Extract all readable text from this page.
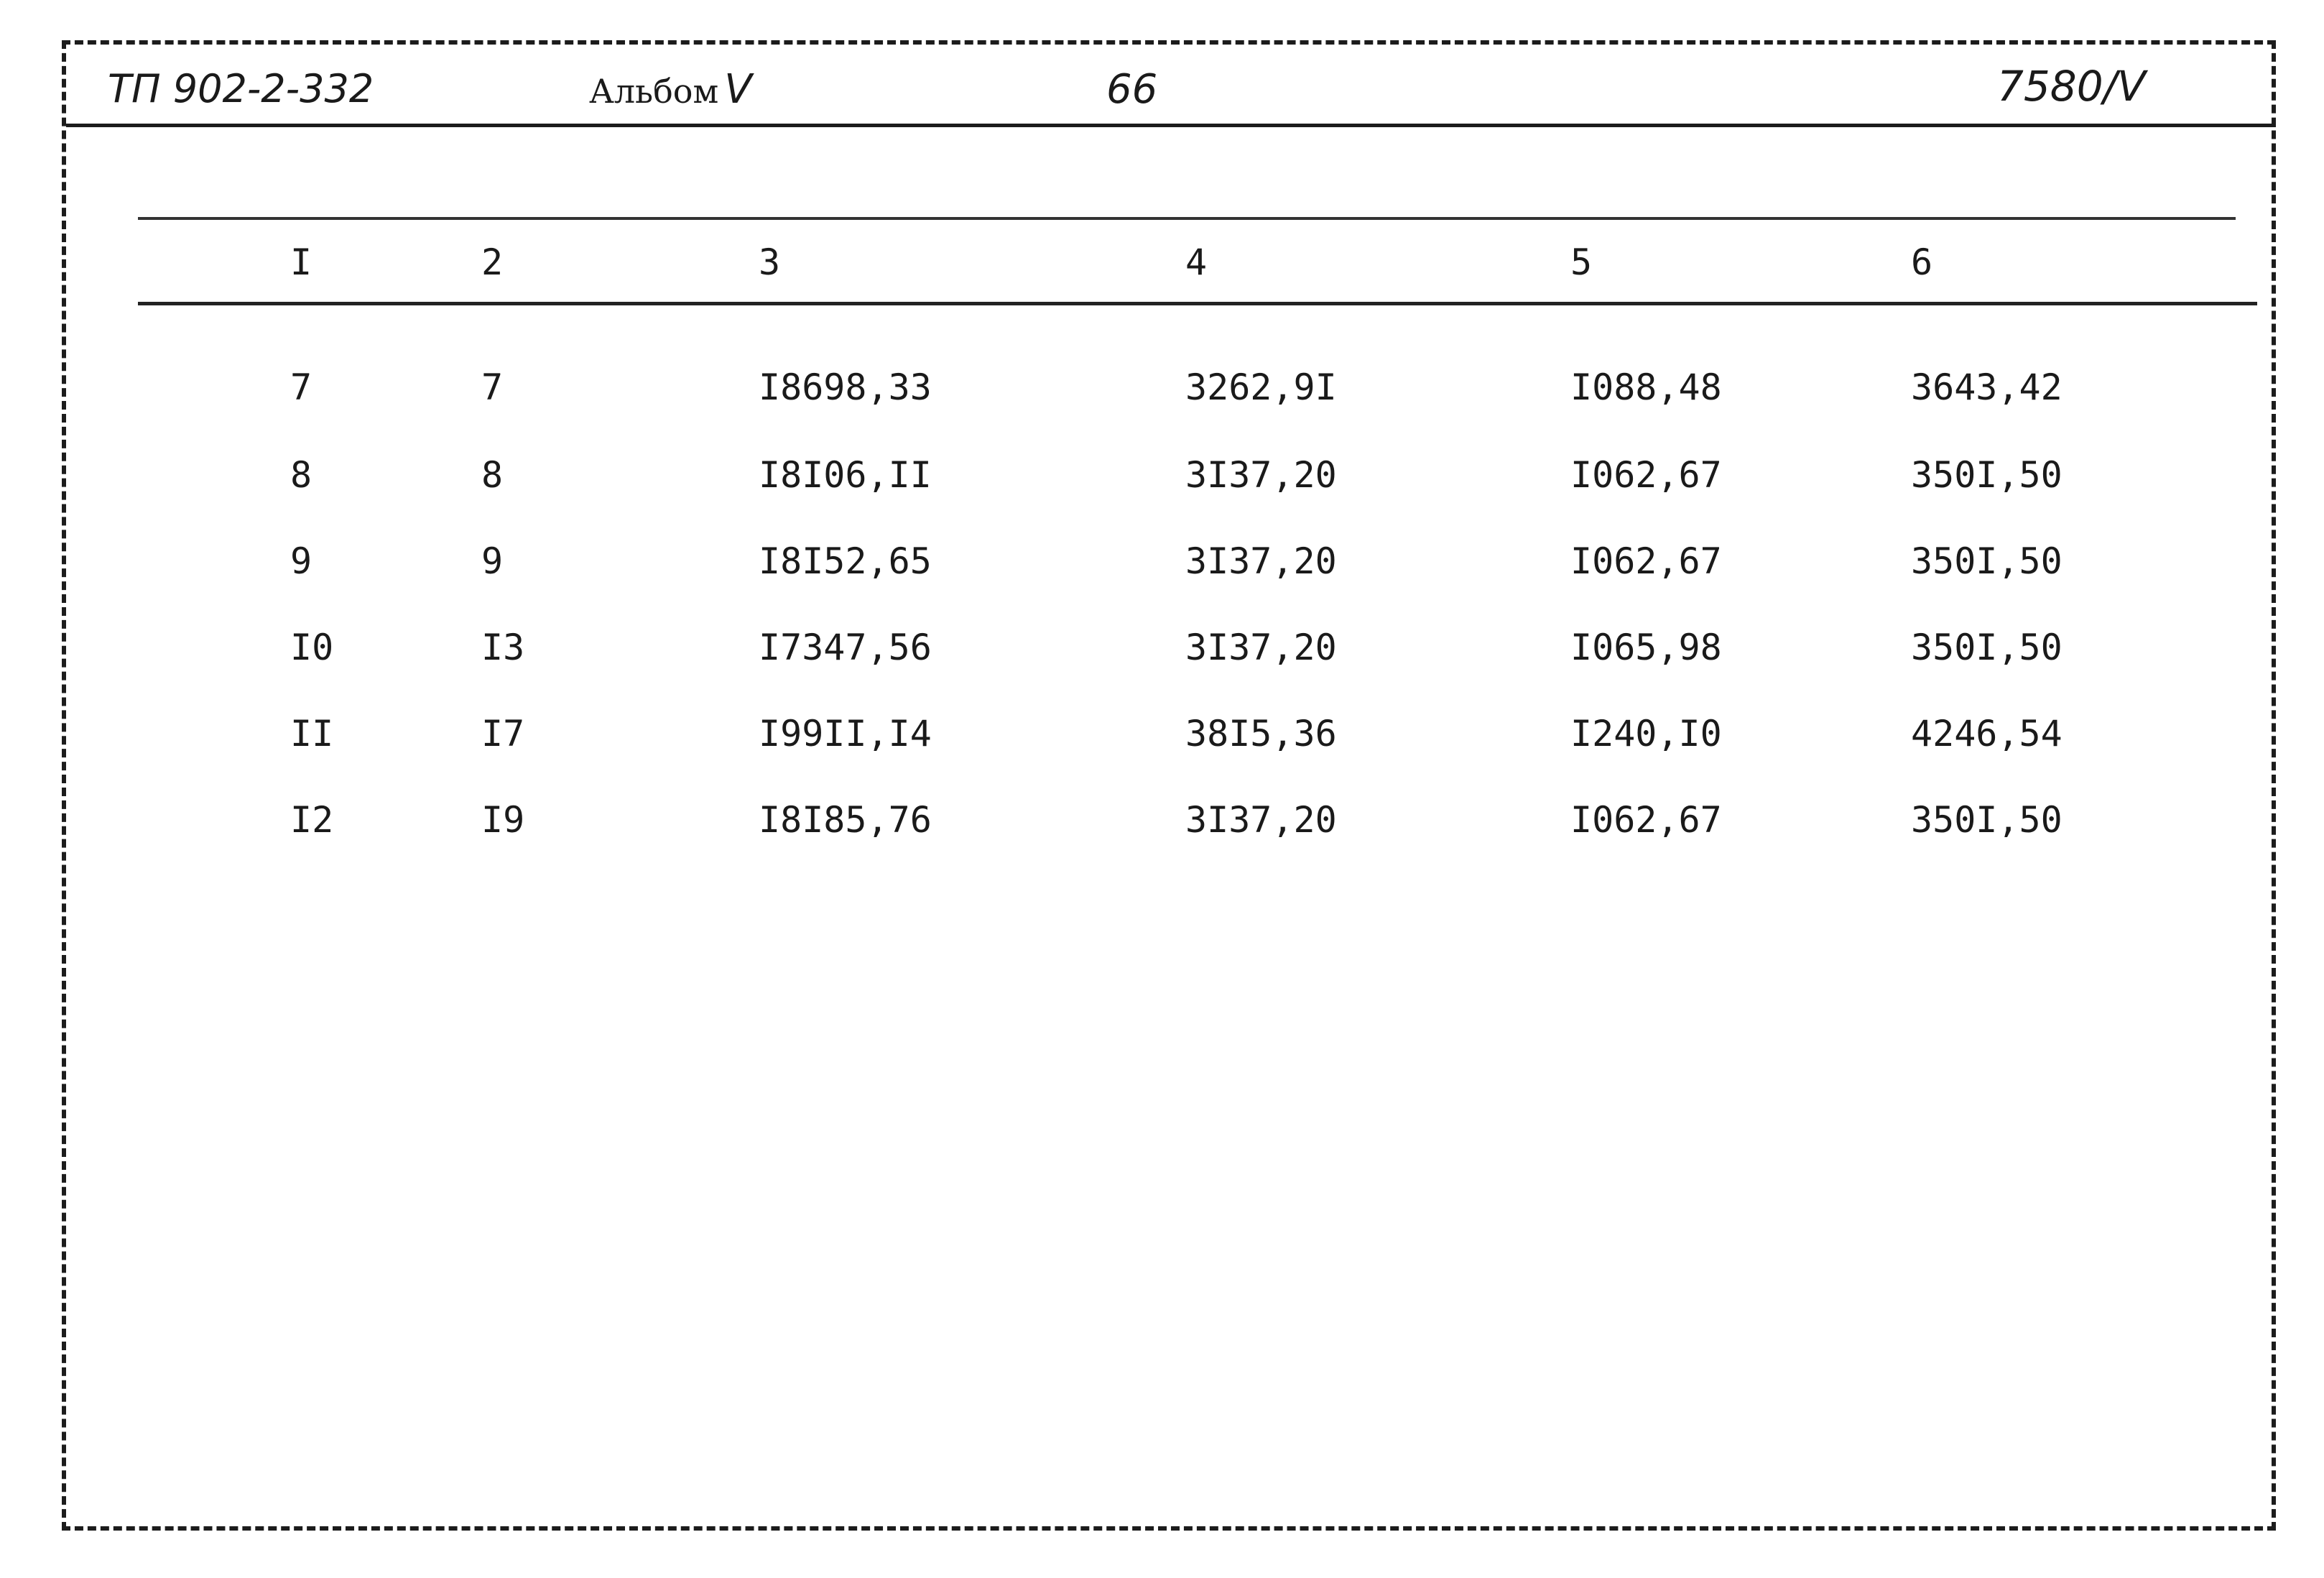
ТП 902-2-332	Альбом V	66	7580/V
I	2	3	4	5	6
7	7	I8698,33	3262,9I	I088,48	3643,42
8	8	I8I06,II	3I37,20	I062,67	350I,50
9	9	I8I52,65	3I37,20	I062,67	350I,50
I0	I3	I7347,56	3I37,20	I065,98	350I,50
II	I7	I99II,I4	38I5,36	I240,I0	4246,54
I2	I9	I8I85,76	3I37,20	I062,67	350I,50
